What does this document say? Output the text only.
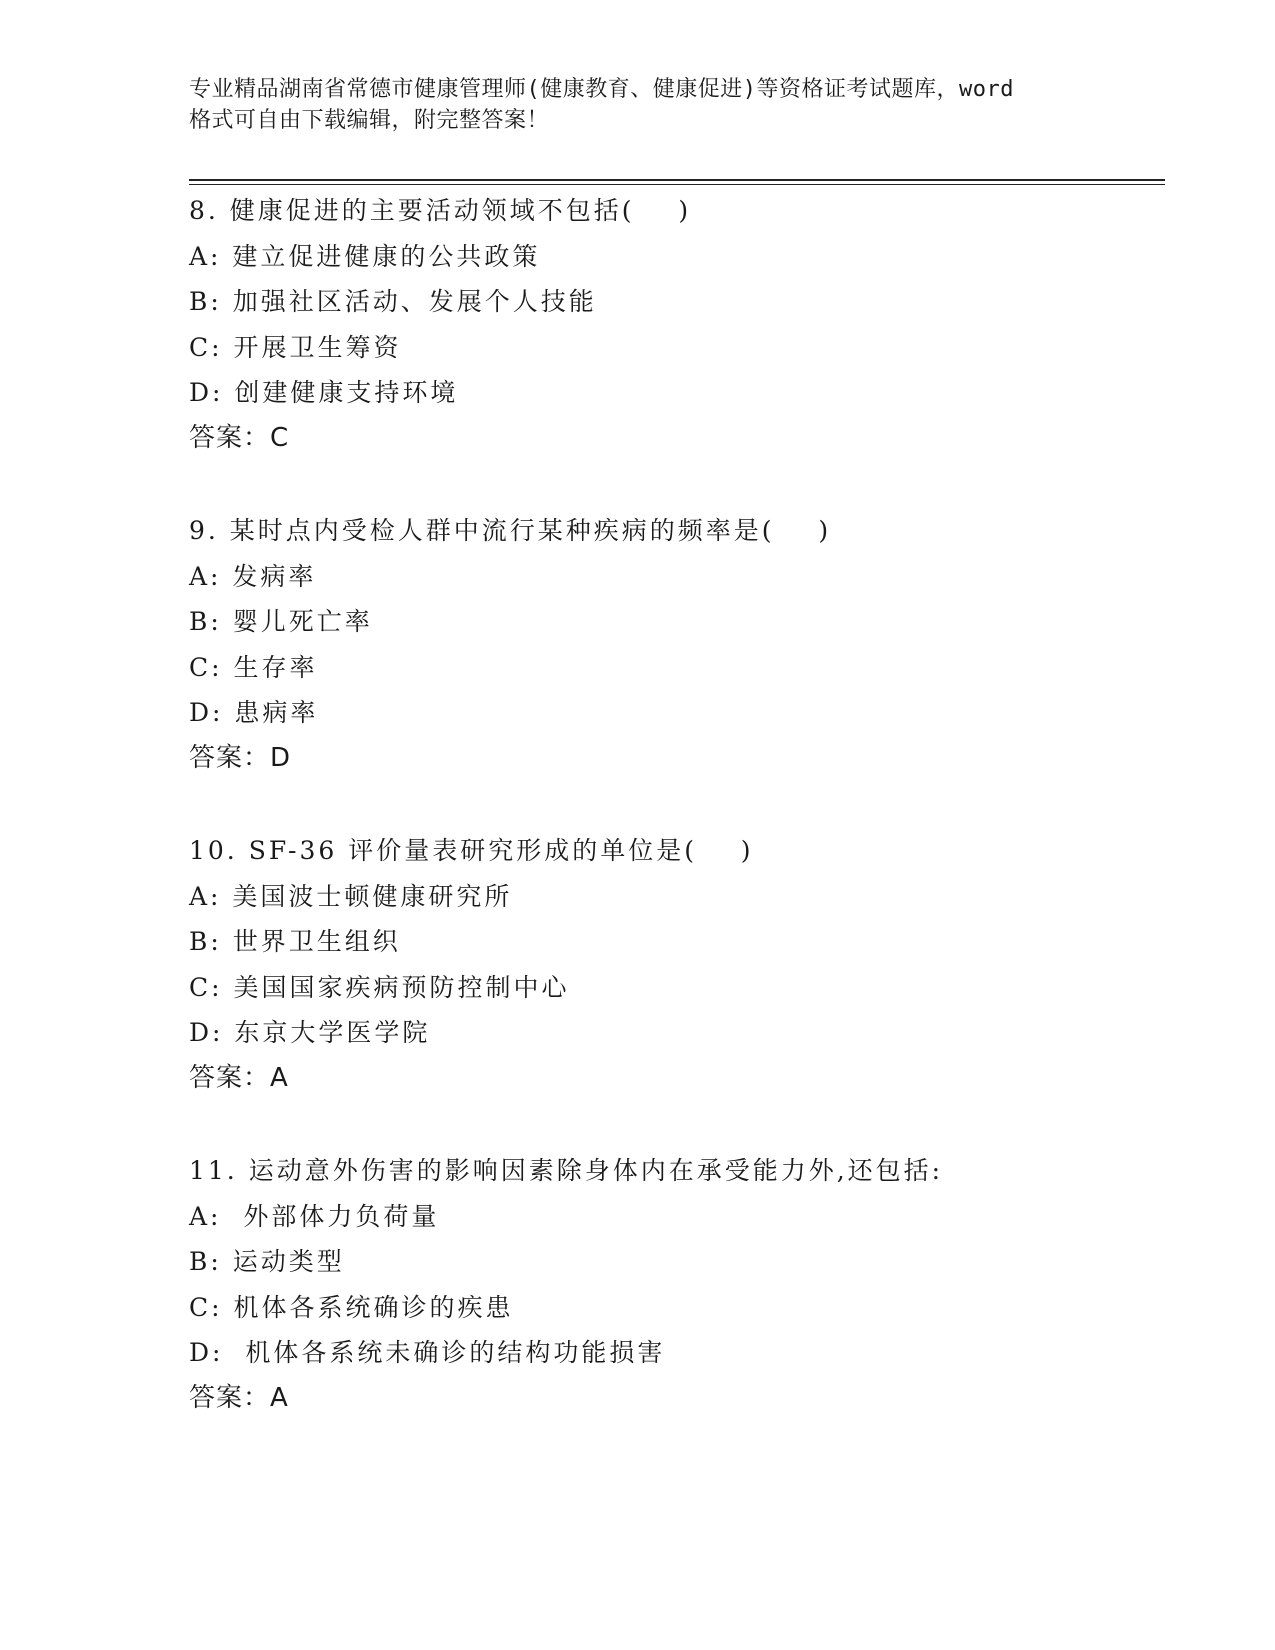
专业精品湖南省常德市健康管理师(健康教育、健康促进)等资格证考试题库，word
格式可自由下载编辑，附完整答案！
8. 健康促进的主要活动领域不包括(    )
A: 建立促进健康的公共政策
B: 加强社区活动、发展个人技能
C: 开展卫生筹资
D: 创建健康支持环境
答案：C
9. 某时点内受检人群中流行某种疾病的频率是(    )
A: 发病率
B: 婴儿死亡率
C: 生存率
D: 患病率
答案：D
10. SF-36 评价量表研究形成的单位是(    )
A: 美国波士顿健康研究所
B: 世界卫生组织
C: 美国国家疾病预防控制中心
D: 东京大学医学院
答案：A
11. 运动意外伤害的影响因素除身体内在承受能力外,还包括:
A:  外部体力负荷量
B: 运动类型
C: 机体各系统确诊的疾患
D:  机体各系统未确诊的结构功能损害
答案：A
